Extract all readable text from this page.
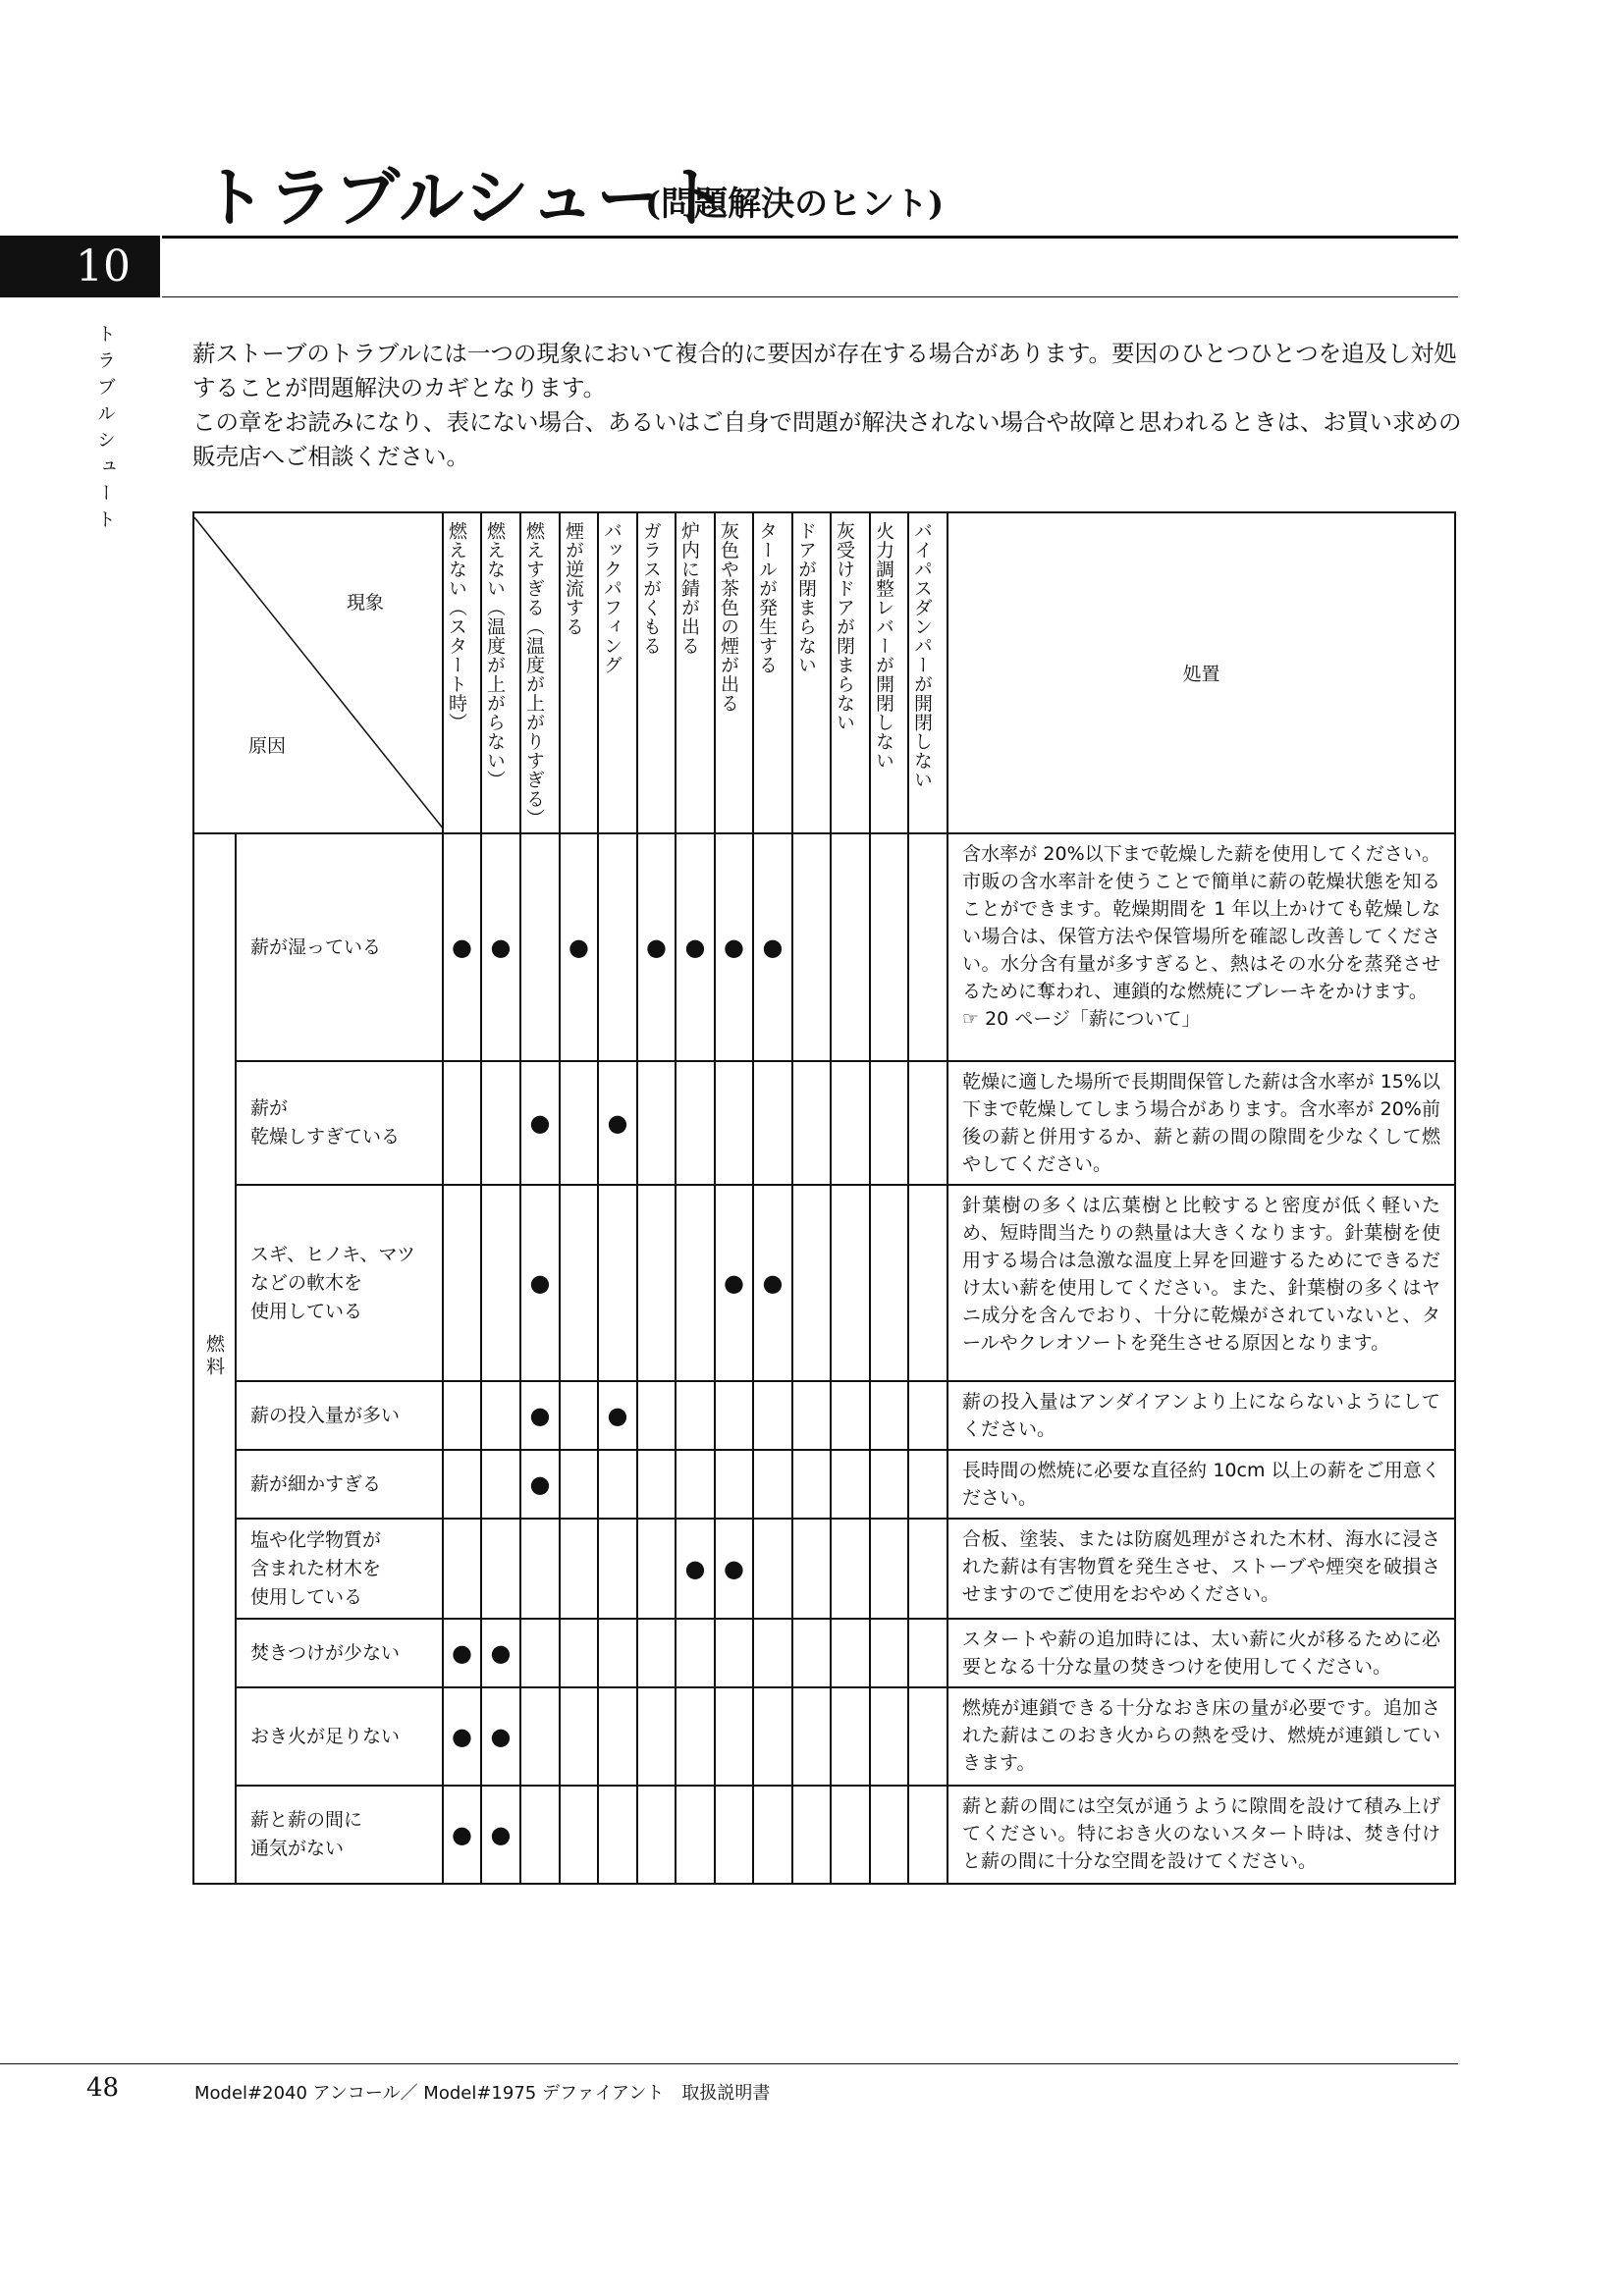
トラブルシュート
(問題解決のヒント)
10
トラブルシュート	薪ストーブのトラブルには一つの現象において複合的に要因が存在する場合があります。要因のひとつひとつを追及し対処することが問題解決のカギとなります。

この章をお読みになり、表にない場合、あるいはご自身で問題が解決されない場合や故障と思われるときは、お買い求めの販売店へご相談ください。

現象
原因		燃えない（スタート時）	燃えない（温度が上がらない）	燃えすぎる（温度が上がりすぎる）	煙が逆流する	バックパフィング	ガラスがくもる	炉内に錆が出る	灰色や茶色の煙が出る	タールが発生する	ドアが閉まらない	灰受けドアが閉まらない	火力調整レバーが開閉しない	バイパスダンパーが開閉しない	処置
燃料	薪が湿っている	●	●		●		●	●	●	●					含水率が 20%以下まで乾燥した薪を使用してください。市販の含水率計を使うことで簡単に薪の乾燥状態を知ることができます。乾燥期間を 1 年以上かけても乾燥しない場合は、保管方法や保管場所を確認し改善してください。水分含有量が多すぎると、熱はその水分を蒸発させるために奪われ、連鎖的な燃焼にブレーキをかけます。
☞ 20 ページ「薪について」

	薪が
乾燥しすぎている			●		●									乾燥に適した場所で長期間保管した薪は含水率が 15%以下まで乾燥してしまう場合があります。含水率が 20%前後の薪と併用するか、薪と薪の間の隙間を少なくして燃やしてください。

	スギ、ヒノキ、マツ
などの軟木を
使用している			●					●	●					針葉樹の多くは広葉樹と比較すると密度が低く軽いため、短時間当たりの熱量は大きくなります。針葉樹を使用する場合は急激な温度上昇を回避するためにできるだけ太い薪を使用してください。また、針葉樹の多くはヤニ成分を含んでおり、十分に乾燥がされていないと、タールやクレオソートを発生させる原因となります。

	薪の投入量が多い			●		●									薪の投入量はアンダイアンより上にならないようにしてください。

	薪が細かすぎる			●											長時間の燃焼に必要な直径約 10cm 以上の薪をご用意ください。

	塩や化学物質が
含まれた材木を
使用している							●	●						合板、塗装、または防腐処理がされた木材、海水に浸された薪は有害物質を発生させ、ストーブや煙突を破損させますのでご使用をおやめください。

	焚きつけが少ない	●	●												スタートや薪の追加時には、太い薪に火が移るために必要となる十分な量の焚きつけを使用してください。

	おき火が足りない	●	●												燃焼が連鎖できる十分なおき床の量が必要です。追加された薪はこのおき火からの熱を受け、燃焼が連鎖していきます。

	薪と薪の間に
通気がない	●	●												薪と薪の間には空気が通うように隙間を設けて積み上げてください。特におき火のないスタート時は、焚き付けと薪の間に十分な空間を設けてください。
48	Model#2040 アンコール／ Model#1975 デファイアント　取扱説明書
